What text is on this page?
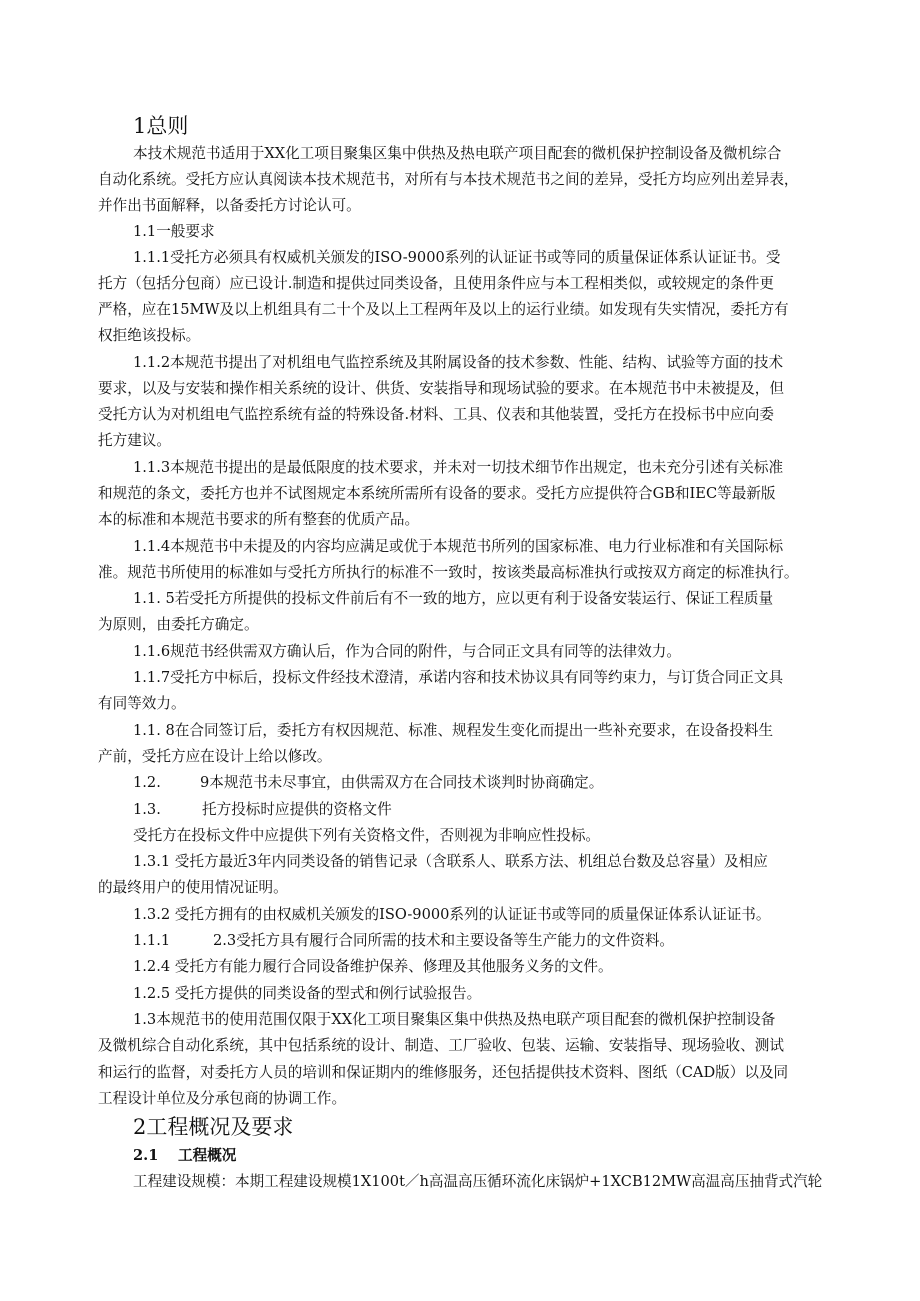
1总则
本技术规范书适用于XX化工项目聚集区集中供热及热电联产项目配套的微机保护控制设备及微机综合
自动化系统。受托方应认真阅读本技术规范书，对所有与本技术规范书之间的差异，受托方均应列出差异表，
并作出书面解释，以备委托方讨论认可。
1.1一般要求
1.1.1受托方必须具有权威机关颁发的ISO-9000系列的认证证书或等同的质量保证体系认证证书。受
托方（包括分包商）应已设计.制造和提供过同类设备，且使用条件应与本工程相类似，或较规定的条件更
严格，应在15MW及以上机组具有二十个及以上工程两年及以上的运行业绩。如发现有失实情况，委托方有
权拒绝该投标。
1.1.2本规范书提出了对机组电气监控系统及其附属设备的技术参数、性能、结构、试验等方面的技术
要求，以及与安装和操作相关系统的设计、供货、安装指导和现场试验的要求。在本规范书中未被提及，但
受托方认为对机组电气监控系统有益的特殊设备.材料、工具、仪表和其他装置，受托方在投标书中应向委
托方建议。
1.1.3本规范书提出的是最低限度的技术要求，并未对一切技术细节作出规定，也未充分引述有关标准
和规范的条文，委托方也并不试图规定本系统所需所有设备的要求。受托方应提供符合GB和IEC等最新版
本的标准和本规范书要求的所有整套的优质产品。
1.1.4本规范书中未提及的内容均应满足或优于本规范书所列的国家标准、电力行业标准和有关国际标
准。规范书所使用的标准如与受托方所执行的标准不一致时，按该类最高标准执行或按双方商定的标准执行。
1.1. 5若受托方所提供的投标文件前后有不一致的地方，应以更有利于设备安装运行、保证工程质量
为原则，由委托方确定。
1.1.6规范书经供需双方确认后，作为合同的附件，与合同正文具有同等的法律效力。
1.1.7受托方中标后，投标文件经技术澄清，承诺内容和技术协议具有同等约束力，与订货合同正文具
有同等效力。
1.1. 8在合同签订后，委托方有权因规范、标准、规程发生变化而提出一些补充要求，在设备投料生
产前，受托方应在设计上给以修改。
1.2.	9本规范书未尽事宜，由供需双方在合同技术谈判时协商确定。
1.3.	托方投标时应提供的资格文件
受托方在投标文件中应提供下列有关资格文件，否则视为非响应性投标。
1.3.1 受托方最近3年内同类设备的销售记录（含联系人、联系方法、机组总台数及总容量）及相应
的最终用户的使用情况证明。
1.3.2 受托方拥有的由权威机关颁发的ISO-9000系列的认证证书或等同的质量保证体系认证证书。
1.1.1	2.3受托方具有履行合同所需的技术和主要设备等生产能力的文件资料。
1.2.4 受托方有能力履行合同设备维护保养、修理及其他服务义务的文件。
1.2.5 受托方提供的同类设备的型式和例行试验报告。
1.3本规范书的使用范围仅限于XX化工项目聚集区集中供热及热电联产项目配套的微机保护控制设备
及微机综合自动化系统，其中包括系统的设计、制造、工厂验收、包装、运输、安装指导、现场验收、测试
和运行的监督，对委托方人员的培训和保证期内的维修服务，还包括提供技术资料、图纸（CAD版）以及同
工程设计单位及分承包商的协调工作。
2工程概况及要求
2.1 工程概况
工程建设规模：本期工程建设规模1X100t／h高温高压循环流化床锅炉+1XCB12MW高温高压抽背式汽轮
